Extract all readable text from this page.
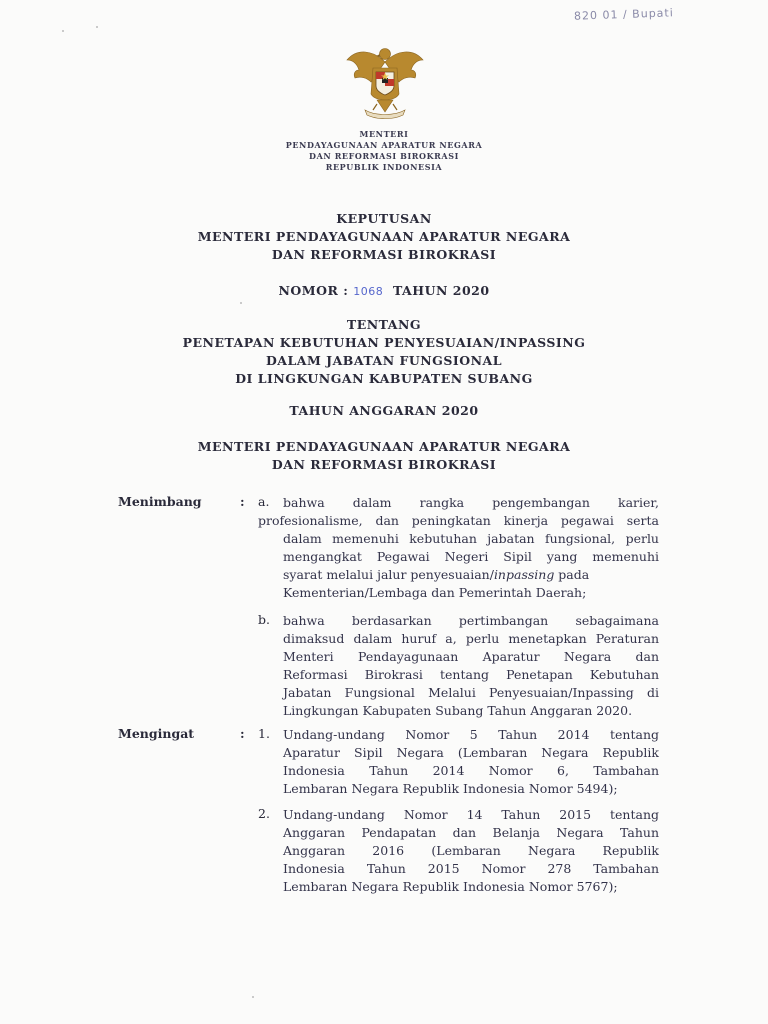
820 01 / Bupati
MENTERI
PENDAYAGUNAAN APARATUR NEGARA
DAN REFORMASI BIROKRASI
REPUBLIK INDONESIA
KEPUTUSAN
MENTERI PENDAYAGUNAAN APARATUR NEGARA
DAN REFORMASI BIROKRASI
NOMOR : 1068 TAHUN 2020
TENTANG
PENETAPAN KEBUTUHAN PENYESUAIAN/INPASSING
DALAM JABATAN FUNGSIONAL
DI LINGKUNGAN KABUPATEN SUBANG
TAHUN ANGGARAN 2020
MENTERI PENDAYAGUNAAN APARATUR NEGARA
DAN REFORMASI BIROKRASI
Menimbang	: a. bahwa dalam rangka pengembangan karier,
profesionalisme, dan peningkatan kinerja pegawai serta
dalam memenuhi kebutuhan jabatan fungsional, perlu
mengangkat Pegawai Negeri Sipil yang memenuhi
syarat melalui jalur penyesuaian/inpassing pada
Kementerian/Lembaga dan Pemerintah Daerah;
b. bahwa berdasarkan pertimbangan sebagaimana
dimaksud dalam huruf a, perlu menetapkan Peraturan
Menteri Pendayagunaan Aparatur Negara dan
Reformasi Birokrasi tentang Penetapan Kebutuhan
Jabatan Fungsional Melalui Penyesuaian/Inpassing di
Lingkungan Kabupaten Subang Tahun Anggaran 2020.
Mengingat	: 1. Undang-undang Nomor 5 Tahun 2014 tentang
Aparatur Sipil Negara (Lembaran Negara Republik
Indonesia Tahun 2014 Nomor 6, Tambahan
Lembaran Negara Republik Indonesia Nomor 5494);
2. Undang-undang Nomor 14 Tahun 2015 tentang
Anggaran Pendapatan dan Belanja Negara Tahun
Anggaran 2016 (Lembaran Negara Republik
Indonesia Tahun 2015 Nomor 278 Tambahan
Lembaran Negara Republik Indonesia Nomor 5767);
